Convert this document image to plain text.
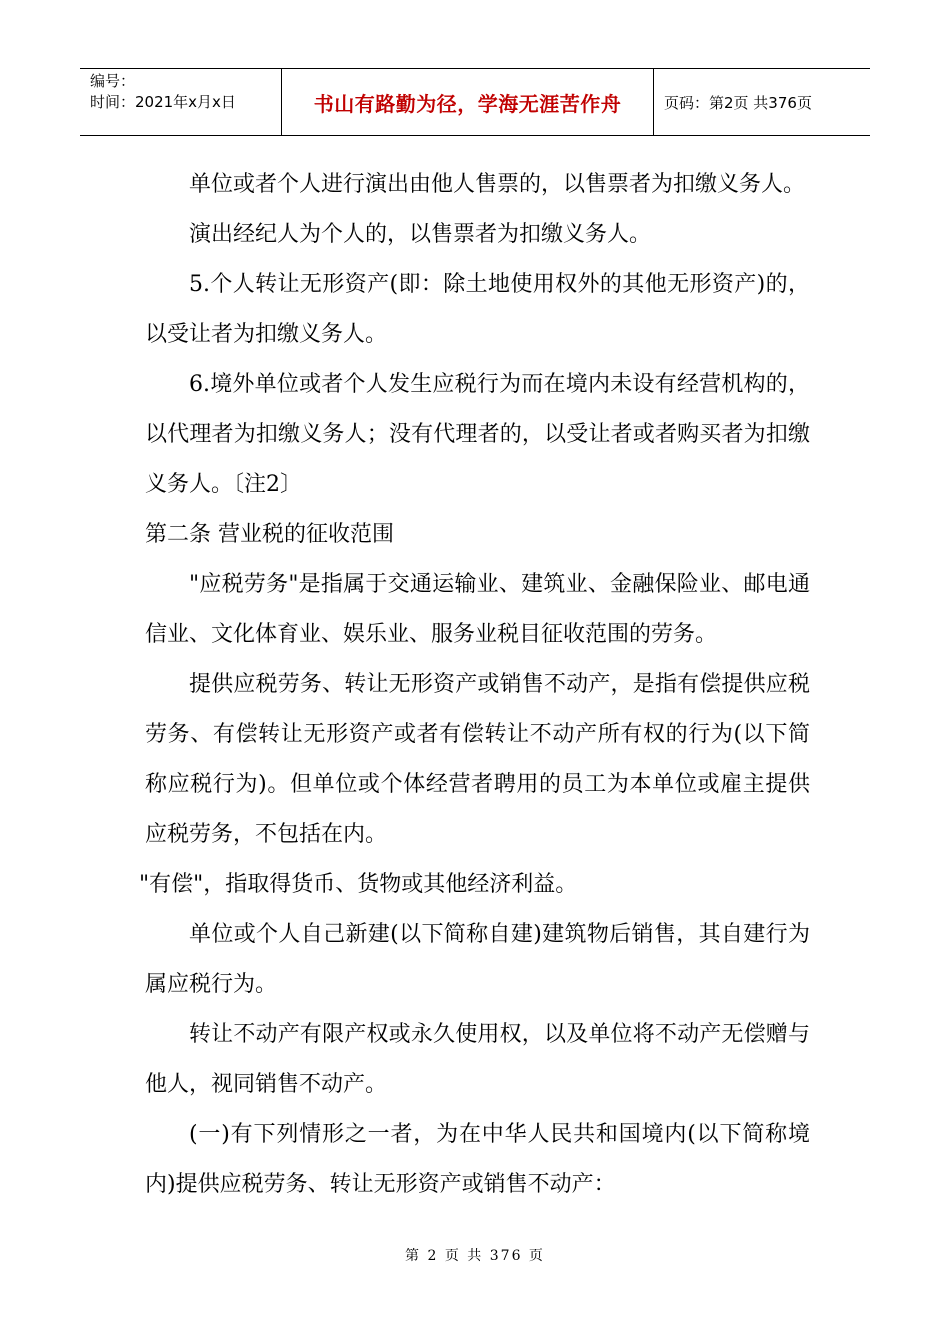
编号：
时间：2021年x月x日	书山有路勤为径，学海无涯苦作舟	页码：第2页 共376页

单位或者个人进行演出由他人售票的，以售票者为扣缴义务人。

演出经纪人为个人的，以售票者为扣缴义务人。

5.个人转让无形资产(即：除土地使用权外的其他无形资产)的，以受让者为扣缴义务人。

6.境外单位或者个人发生应税行为而在境内未设有经营机构的，以代理者为扣缴义务人；没有代理者的，以受让者或者购买者为扣缴义务人。〔注2〕

第二条 营业税的征收范围

"应税劳务"是指属于交通运输业、建筑业、金融保险业、邮电通信业、文化体育业、娱乐业、服务业税目征收范围的劳务。

提供应税劳务、转让无形资产或销售不动产，是指有偿提供应税劳务、有偿转让无形资产或者有偿转让不动产所有权的行为(以下简称应税行为)。但单位或个体经营者聘用的员工为本单位或雇主提供应税劳务，不包括在内。

"有偿"，指取得货币、货物或其他经济利益。

单位或个人自己新建(以下简称自建)建筑物后销售，其自建行为属应税行为。

转让不动产有限产权或永久使用权，以及单位将不动产无偿赠与他人，视同销售不动产。

(一)有下列情形之一者，为在中华人民共和国境内(以下简称境内)提供应税劳务、转让无形资产或销售不动产：

第 2 页 共 376 页
